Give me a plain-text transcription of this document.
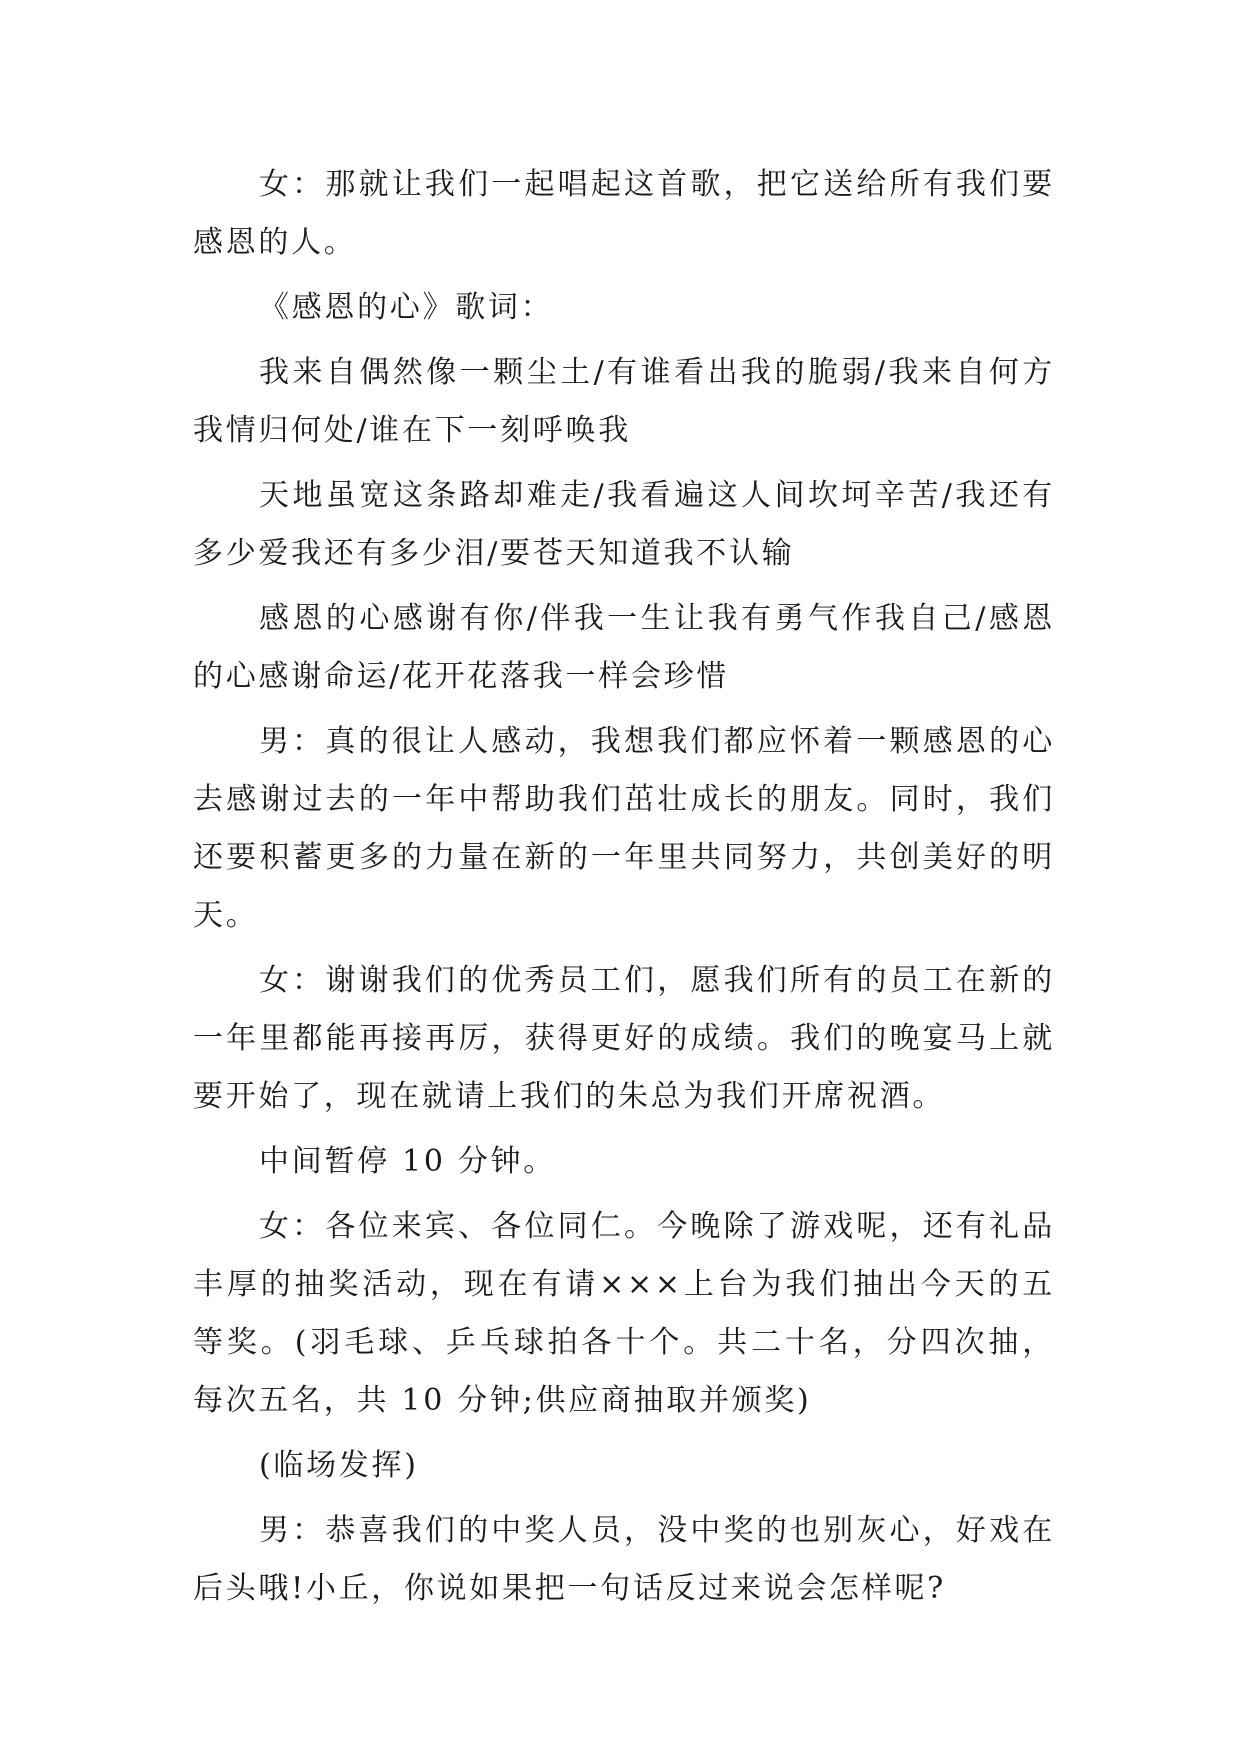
女：那就让我们一起唱起这首歌，把它送给所有我们要感恩的人。

《感恩的心》歌词：

我来自偶然像一颗尘土/有谁看出我的脆弱/我来自何方我情归何处/谁在下一刻呼唤我

天地虽宽这条路却难走/我看遍这人间坎坷辛苦/我还有多少爱我还有多少泪/要苍天知道我不认输

感恩的心感谢有你/伴我一生让我有勇气作我自己/感恩的心感谢命运/花开花落我一样会珍惜

男：真的很让人感动，我想我们都应怀着一颗感恩的心去感谢过去的一年中帮助我们茁壮成长的朋友。同时，我们还要积蓄更多的力量在新的一年里共同努力，共创美好的明天。

女：谢谢我们的优秀员工们，愿我们所有的员工在新的一年里都能再接再厉，获得更好的成绩。我们的晚宴马上就要开始了，现在就请上我们的朱总为我们开席祝酒。

中间暂停 10 分钟。

女：各位来宾、各位同仁。今晚除了游戏呢，还有礼品丰厚的抽奖活动，现在有请×××上台为我们抽出今天的五等奖。(羽毛球、乒乓球拍各十个。共二十名，分四次抽，每次五名，共 10 分钟;供应商抽取并颁奖)

(临场发挥)

男：恭喜我们的中奖人员，没中奖的也别灰心，好戏在后头哦!小丘，你说如果把一句话反过来说会怎样呢?
